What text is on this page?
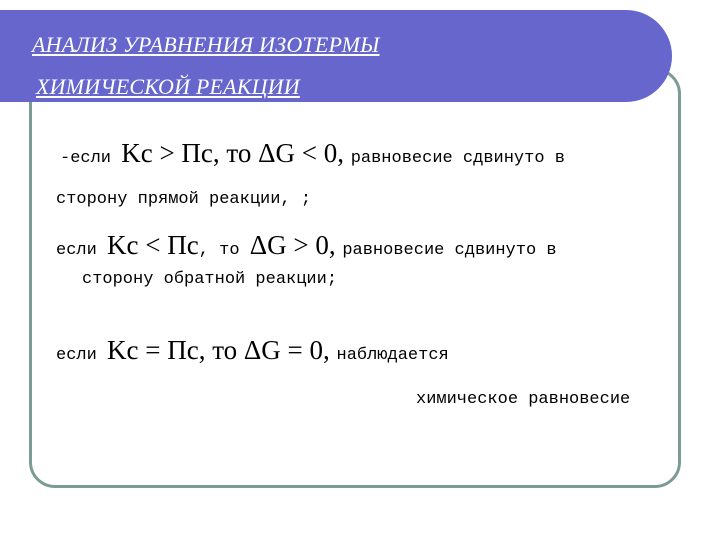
АНАЛИЗ УРАВНЕНИЯ ИЗОТЕРМЫ
ХИМИЧЕСКОЙ РЕАКЦИИ
-если Kc > Пc, то ΔG < 0, равновесие сдвинуто в
сторону прямой реакции, ;
если Kc < Пc, то ΔG > 0, равновесие сдвинуто в
сторону обратной реакции;
если Kc = Пc, то ΔG = 0, наблюдается
химическое равновесие
